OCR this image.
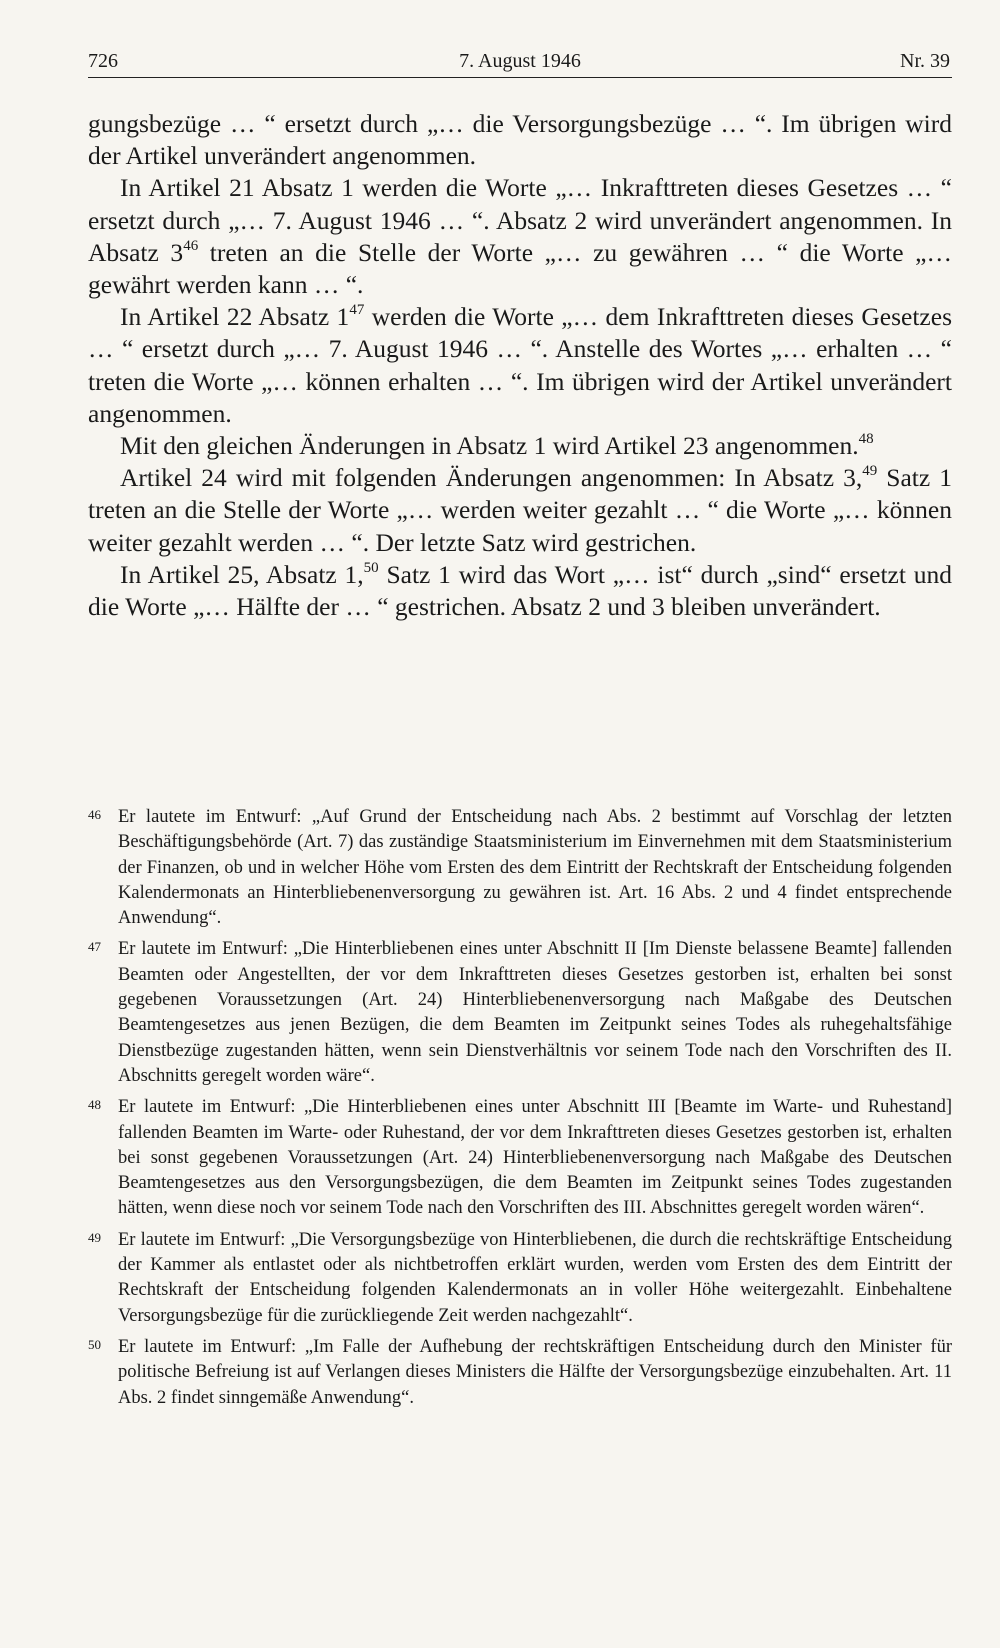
726	7. August 1946	Nr. 39

gungsbezüge … “ ersetzt durch „… die Versorgungsbezüge … “. Im übrigen wird der Artikel unverändert angenommen.

In Artikel 21 Absatz 1 werden die Worte „… Inkrafttreten dieses Gesetzes … “ ersetzt durch „… 7. August 1946 … “. Absatz 2 wird unverändert angenommen. In Absatz $3^{46}$ treten an die Stelle der Worte „… zu gewähren … “ die Worte „… gewährt werden kann … “.

In Artikel 22 Absatz $1^{47}$ werden die Worte „… dem Inkrafttreten dieses Gesetzes … “ ersetzt durch „… 7. August 1946 … “. Anstelle des Wortes „… erhalten … “ treten die Worte „… können erhalten … “. Im übrigen wird der Artikel unverändert angenommen.

Mit den gleichen Änderungen in Absatz 1 wird Artikel 23 angenommen.$^{48}$

Artikel 24 wird mit folgenden Änderungen angenommen: In Absatz 3,49 Satz 1 treten an die Stelle der Worte „… werden weiter gezahlt … “ die Worte „… können weiter gezahlt werden … “. Der letzte Satz wird gestrichen.

In Artikel 25, Absatz 1,50 Satz 1 wird das Wort „… ist“ durch „sind“ ersetzt und die Worte „… Hälfte der … “ gestrichen. Absatz 2 und 3 bleiben unverändert.

46 Er lautete im Entwurf: „Auf Grund der Entscheidung nach Abs. 2 bestimmt auf Vorschlag der letzten Beschäftigungsbehörde (Art. 7) das zuständige Staatsministerium im Einvernehmen mit dem Staatsministerium der Finanzen, ob und in welcher Höhe vom Ersten des dem Eintritt der Rechtskraft der Entscheidung folgenden Kalendermonats an Hinterbliebenenversorgung zu gewähren ist. Art. 16 Abs. 2 und 4 findet entsprechende Anwendung“.

47 Er lautete im Entwurf: „Die Hinterbliebenen eines unter Abschnitt II [Im Dienste belassene Beamte] fallenden Beamten oder Angestellten, der vor dem Inkrafttreten dieses Gesetzes gestorben ist, erhalten bei sonst gegebenen Voraussetzungen (Art. 24) Hinterbliebenenversorgung nach Maßgabe des Deutschen Beamtengesetzes aus jenen Bezügen, die dem Beamten im Zeitpunkt seines Todes als ruhegehaltsfähige Dienstbezüge zugestanden hätten, wenn sein Dienstverhältnis vor seinem Tode nach den Vorschriften des II. Abschnitts geregelt worden wäre“.

48 Er lautete im Entwurf: „Die Hinterbliebenen eines unter Abschnitt III [Beamte im Warte- und Ruhestand] fallenden Beamten im Warte- oder Ruhestand, der vor dem Inkrafttreten dieses Gesetzes gestorben ist, erhalten bei sonst gegebenen Voraussetzungen (Art. 24) Hinterbliebenenversorgung nach Maßgabe des Deutschen Beamtengesetzes aus den Versorgungsbezügen, die dem Beamten im Zeitpunkt seines Todes zugestanden hätten, wenn diese noch vor seinem Tode nach den Vorschriften des III. Abschnittes geregelt worden wären“.

49 Er lautete im Entwurf: „Die Versorgungsbezüge von Hinterbliebenen, die durch die rechtskräftige Entscheidung der Kammer als entlastet oder als nichtbetroffen erklärt wurden, werden vom Ersten des dem Eintritt der Rechtskraft der Entscheidung folgenden Kalendermonats an in voller Höhe weitergezahlt. Einbehaltene Versorgungsbezüge für die zurückliegende Zeit werden nachgezahlt“.

50 Er lautete im Entwurf: „Im Falle der Aufhebung der rechtskräftigen Entscheidung durch den Minister für politische Befreiung ist auf Verlangen dieses Ministers die Hälfte der Versorgungsbezüge einzubehalten. Art. 11 Abs. 2 findet sinngemäße Anwendung“.
